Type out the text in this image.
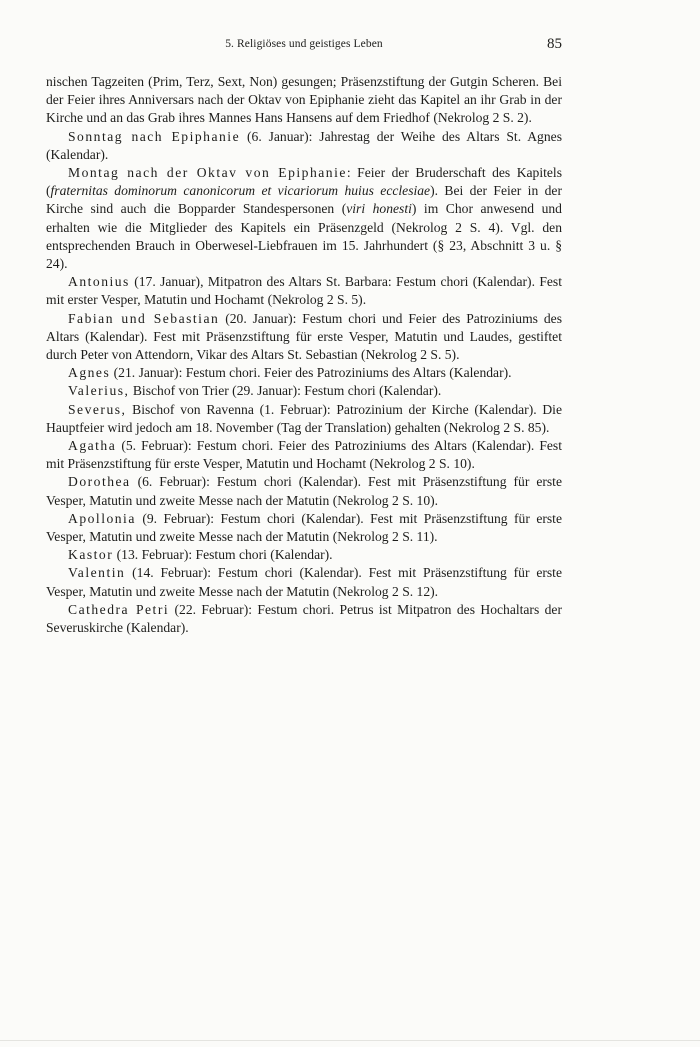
5. Religiöses und geistiges Leben	85

nischen Tagzeiten (Prim, Terz, Sext, Non) gesungen; Präsenzstiftung der Gutgin Scheren. Bei der Feier ihres Anniversars nach der Oktav von Epiphanie zieht das Kapitel an ihr Grab in der Kirche und an das Grab ihres Mannes Hans Hansens auf dem Friedhof (Nekrolog 2 S. 2).

Sonntag nach Epiphanie (6. Januar): Jahrestag der Weihe des Altars St. Agnes (Kalendar).

Montag nach der Oktav von Epiphanie: Feier der Bruderschaft des Kapitels (fraternitas dominorum canonicorum et vicariorum huius ecclesiae). Bei der Feier in der Kirche sind auch die Bopparder Standespersonen (viri honesti) im Chor anwesend und erhalten wie die Mitglieder des Kapitels ein Präsenzgeld (Nekrolog 2 S. 4). Vgl. den entsprechenden Brauch in Oberwesel-Liebfrauen im 15. Jahrhundert (§ 23, Abschnitt 3 u. § 24).

Antonius (17. Januar), Mitpatron des Altars St. Barbara: Festum chori (Kalendar). Fest mit erster Vesper, Matutin und Hochamt (Nekrolog 2 S. 5).

Fabian und Sebastian (20. Januar): Festum chori und Feier des Patroziniums des Altars (Kalendar). Fest mit Präsenzstiftung für erste Vesper, Matutin und Laudes, gestiftet durch Peter von Attendorn, Vikar des Altars St. Sebastian (Nekrolog 2 S. 5).

Agnes (21. Januar): Festum chori. Feier des Patroziniums des Altars (Kalendar).

Valerius, Bischof von Trier (29. Januar): Festum chori (Kalendar).

Severus, Bischof von Ravenna (1. Februar): Patrozinium der Kirche (Kalendar). Die Hauptfeier wird jedoch am 18. November (Tag der Translation) gehalten (Nekrolog 2 S. 85).

Agatha (5. Februar): Festum chori. Feier des Patroziniums des Altars (Kalendar). Fest mit Präsenzstiftung für erste Vesper, Matutin und Hochamt (Nekrolog 2 S. 10).

Dorothea (6. Februar): Festum chori (Kalendar). Fest mit Präsenzstiftung für erste Vesper, Matutin und zweite Messe nach der Matutin (Nekrolog 2 S. 10).

Apollonia (9. Februar): Festum chori (Kalendar). Fest mit Präsenzstiftung für erste Vesper, Matutin und zweite Messe nach der Matutin (Nekrolog 2 S. 11).

Kastor (13. Februar): Festum chori (Kalendar).

Valentin (14. Februar): Festum chori (Kalendar). Fest mit Präsenzstiftung für erste Vesper, Matutin und zweite Messe nach der Matutin (Nekrolog 2 S. 12).

Cathedra Petri (22. Februar): Festum chori. Petrus ist Mitpatron des Hochaltars der Severuskirche (Kalendar).
